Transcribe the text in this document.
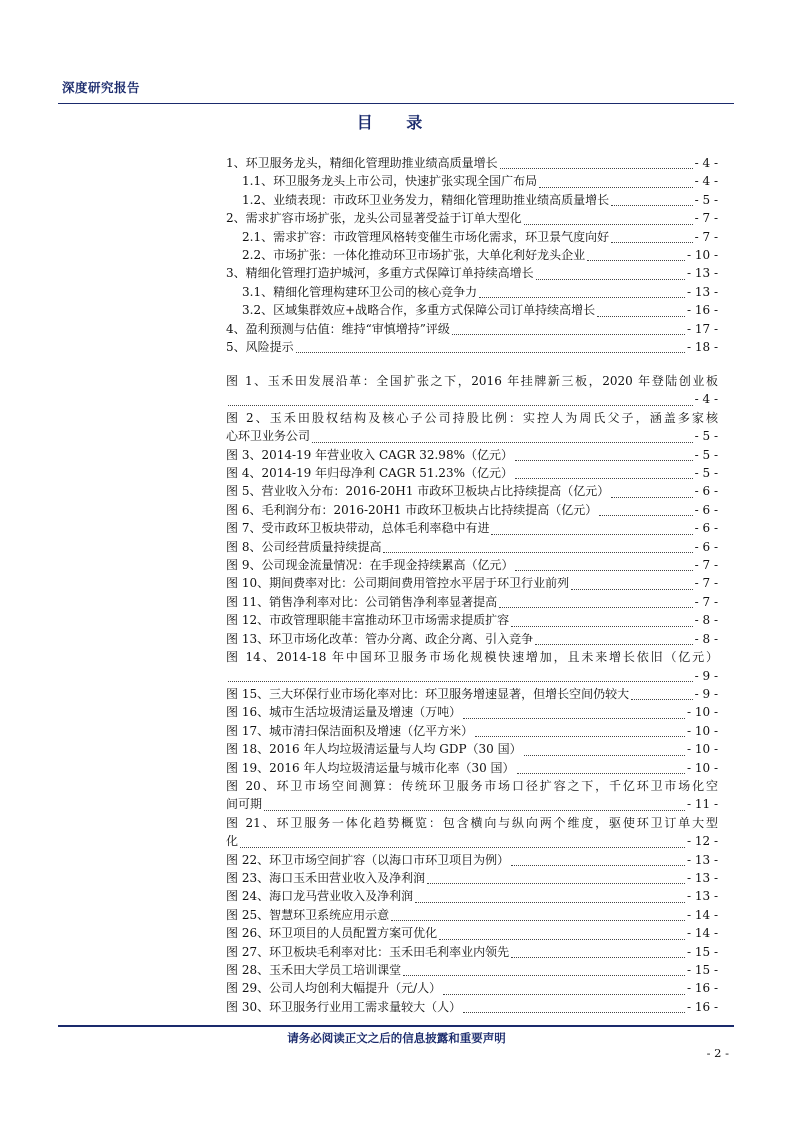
深度研究报告
目 录
1、环卫服务龙头，精细化管理助推业绩高质量增长	- 4 -
1.1、环卫服务龙头上市公司，快速扩张实现全国广布局	- 4 -
1.2、业绩表现：市政环卫业务发力，精细化管理助推业绩高质量增长	- 5 -
2、需求扩容市场扩张，龙头公司显著受益于订单大型化	- 7 -
2.1、需求扩容：市政管理风格转变催生市场化需求，环卫景气度向好	- 7 -
2.2、市场扩张：一体化推动环卫市场扩张，大单化利好龙头企业	- 10 -
3、精细化管理打造护城河，多重方式保障订单持续高增长	- 13 -
3.1、精细化管理构建环卫公司的核心竞争力	- 13 -
3.2、区域集群效应+战略合作，多重方式保障公司订单持续高增长	- 16 -
4、盈利预测与估值：维持“审慎增持”评级	- 17 -
5、风险提示	- 18 -
图 1、玉禾田发展沿革：全国扩张之下，2016 年挂牌新三板，2020 年登陆创业板
- 4 -
图 2、玉禾田股权结构及核心子公司持股比例：实控人为周氏父子，涵盖多家核
心环卫业务公司	- 5 -
图 3、2014-19 年营业收入 CAGR 32.98%（亿元）	- 5 -
图 4、2014-19 年归母净利 CAGR 51.23%（亿元）	- 5 -
图 5、营业收入分布：2016-20H1 市政环卫板块占比持续提高（亿元）	- 6 -
图 6、毛利润分布：2016-20H1 市政环卫板块占比持续提高（亿元）	- 6 -
图 7、受市政环卫板块带动，总体毛利率稳中有进	- 6 -
图 8、公司经营质量持续提高	- 6 -
图 9、公司现金流量情况：在手现金持续累高（亿元）	- 7 -
图 10、期间费率对比：公司期间费用管控水平居于环卫行业前列	- 7 -
图 11、销售净利率对比：公司销售净利率显著提高	- 7 -
图 12、市政管理职能丰富推动环卫市场需求提质扩容	- 8 -
图 13、环卫市场化改革：管办分离、政企分离、引入竞争	- 8 -
图 14、2014-18 年中国环卫服务市场化规模快速增加，且未来增长依旧（亿元）
- 9 -
图 15、三大环保行业市场化率对比：环卫服务增速显著，但增长空间仍较大	- 9 -
图 16、城市生活垃圾清运量及增速（万吨）	- 10 -
图 17、城市清扫保洁面积及增速（亿平方米）	- 10 -
图 18、2016 年人均垃圾清运量与人均 GDP（30 国）	- 10 -
图 19、2016 年人均垃圾清运量与城市化率（30 国）	- 10 -
图 20、环卫市场空间测算：传统环卫服务市场口径扩容之下，千亿环卫市场化空
间可期	- 11 -
图 21、环卫服务一体化趋势概览：包含横向与纵向两个维度，驱使环卫订单大型
化	- 12 -
图 22、环卫市场空间扩容（以海口市环卫项目为例）	- 13 -
图 23、海口玉禾田营业收入及净利润	- 13 -
图 24、海口龙马营业收入及净利润	- 13 -
图 25、智慧环卫系统应用示意	- 14 -
图 26、环卫项目的人员配置方案可优化	- 14 -
图 27、环卫板块毛利率对比：玉禾田毛利率业内领先	- 15 -
图 28、玉禾田大学员工培训课堂	- 15 -
图 29、公司人均创利大幅提升（元/人）	- 16 -
图 30、环卫服务行业用工需求量较大（人）	- 16 -
请务必阅读正文之后的信息披露和重要声明
- 2 -
